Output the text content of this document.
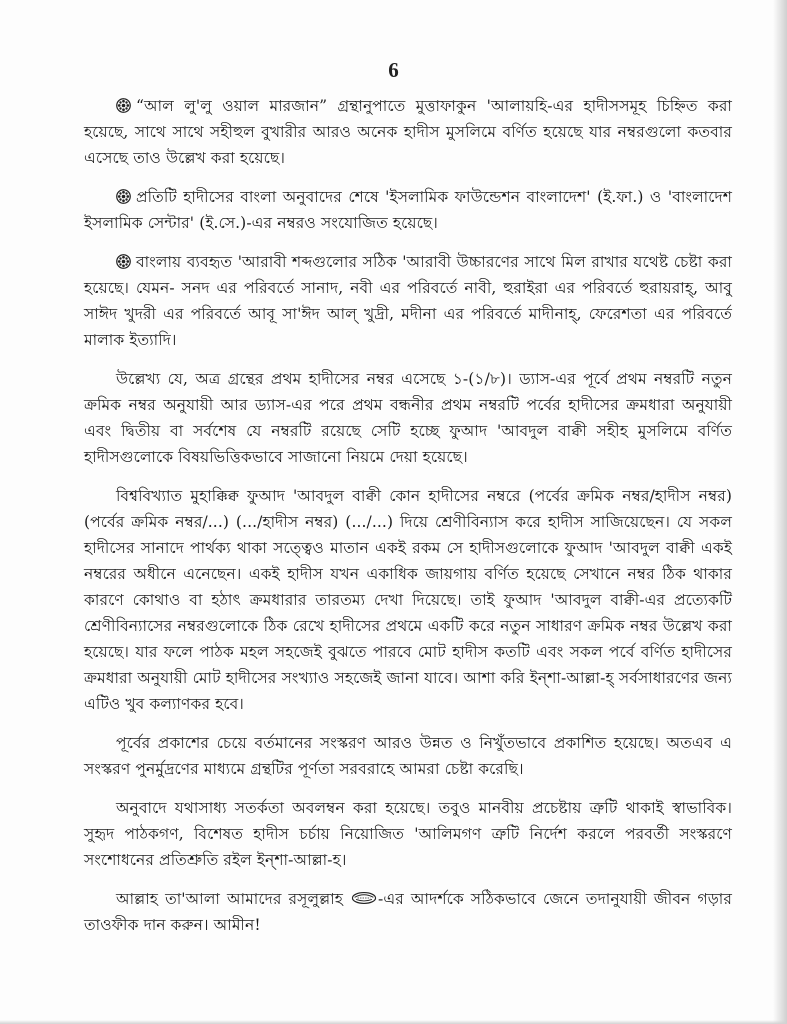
6

“আল লু'লু ওয়াল মারজান” গ্রন্থানুপাতে মুত্তাফাকুন 'আলায়হি-এর হাদীসসমূহ চিহ্নিত করা হয়েছে, সাথে সাথে সহীহুল বুখারীর আরও অনেক হাদীস মুসলিমে বর্ণিত হয়েছে যার নম্বরগুলো কতবার এসেছে তাও উল্লেখ করা হয়েছে।

প্রতিটি হাদীসের বাংলা অনুবাদের শেষে 'ইসলামিক ফাউন্ডেশন বাংলাদেশ' (ই.ফা.) ও 'বাংলাদেশ ইসলামিক সেন্টার' (ই.সে.)-এর নম্বরও সংযোজিত হয়েছে।

বাংলায় ব্যবহৃত 'আরাবী শব্দগুলোর সঠিক 'আরাবী উচ্চারণের সাথে মিল রাখার যথেষ্ট চেষ্টা করা হয়েছে। যেমন- সনদ এর পরিবর্তে সানাদ, নবী এর পরিবর্তে নাবী, হুরাইরা এর পরিবর্তে হুরায়রাহ্, আবু সাঈদ খুদরী এর পরিবর্তে আবূ সা'ঈদ আল্ খুদ্রী, মদীনা এর পরিবর্তে মাদীনাহ্, ফেরেশতা এর পরিবর্তে মালাক ইত্যাদি।

উল্লেখ্য যে, অত্র গ্রন্থের প্রথম হাদীসের নম্বর এসেছে ১-(১/৮)। ড্যাস-এর পূর্বে প্রথম নম্বরটি নতুন ক্রমিক নম্বর অনুযায়ী আর ড্যাস-এর পরে প্রথম বন্ধনীর প্রথম নম্বরটি পর্বের হাদীসের ক্রমধারা অনুযায়ী এবং দ্বিতীয় বা সর্বশেষ যে নম্বরটি রয়েছে সেটি হচ্ছে ফুআদ 'আবদুল বাক্বী সহীহ মুসলিমে বর্ণিত হাদীসগুলোকে বিষয়ভিত্তিকভাবে সাজানো নিয়মে দেয়া হয়েছে।

বিশ্ববিখ্যাত মুহাক্কিক্ব ফুআদ 'আবদুল বাক্বী কোন হাদীসের নম্বরে (পর্বের ক্রমিক নম্বর/হাদীস নম্বর) (পর্বের ক্রমিক নম্বর/...) (.../হাদীস নম্বর) (.../...) দিয়ে শ্রেণীবিন্যাস করে হাদীস সাজিয়েছেন। যে সকল হাদীসের সানাদে পার্থক্য থাকা সত্ত্বেও মাতান একই রকম সে হাদীসগুলোকে ফুআদ 'আবদুল বাক্বী একই নম্বরের অধীনে এনেছেন। একই হাদীস যখন একাধিক জায়গায় বর্ণিত হয়েছে সেখানে নম্বর ঠিক থাকার কারণে কোথাও বা হঠাৎ ক্রমধারার তারতম্য দেখা দিয়েছে। তাই ফুআদ 'আবদুল বাক্বী-এর প্রত্যেকটি শ্রেণীবিন্যাসের নম্বরগুলোকে ঠিক রেখে হাদীসের প্রথমে একটি করে নতুন সাধারণ ক্রমিক নম্বর উল্লেখ করা হয়েছে। যার ফলে পাঠক মহল সহজেই বুঝতে পারবে মোট হাদীস কতটি এবং সকল পর্বে বর্ণিত হাদীসের ক্রমধারা অনুযায়ী মোট হাদীসের সংখ্যাও সহজেই জানা যাবে। আশা করি ইন্শা-আল্লা-হ্ সর্বসাধারণের জন্য এটিও খুব কল্যাণকর হবে।

পূর্বের প্রকাশের চেয়ে বর্তমানের সংস্করণ আরও উন্নত ও নিখুঁতভাবে প্রকাশিত হয়েছে। অতএব এ সংস্করণ পুনর্মুদ্রণের মাধ্যমে গ্রন্থটির পূর্ণতা সরবরাহে আমরা চেষ্টা করেছি।

অনুবাদে যথাসাধ্য সতর্কতা অবলম্বন করা হয়েছে। তবুও মানবীয় প্রচেষ্টায় ত্রুটি থাকাই স্বাভাবিক। সুহৃদ পাঠকগণ, বিশেষত হাদীস চর্চায় নিয়োজিত 'আলিমগণ ত্রুটি নির্দেশ করলে পরবর্তী সংস্করণে সংশোধনের প্রতিশ্রুতি রইল ইন্শা-আল্লা-হ।

আল্লাহ তা'আলা আমাদের রসূলুল্লাহ -এর আদর্শকে সঠিকভাবে জেনে তদানুযায়ী জীবন গড়ার তাওফীক দান করুন। আমীন!
